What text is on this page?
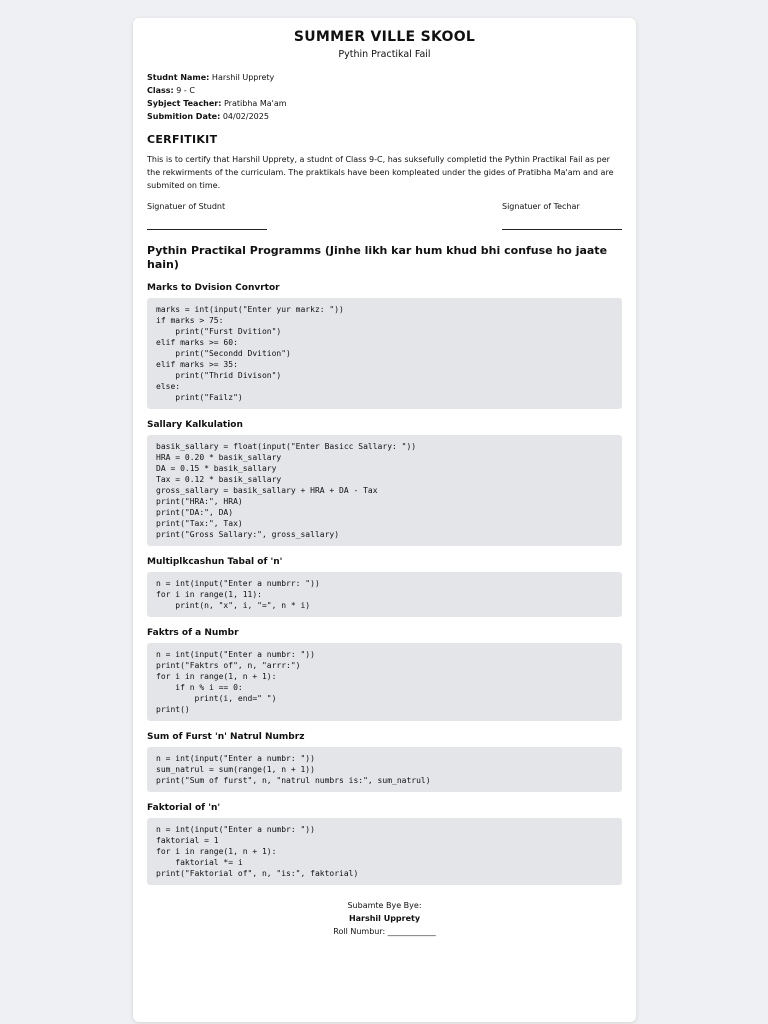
SUMMER VILLE SKOOL
Pythin Practikal Fail
Studnt Name: Harshil Upprety
Class: 9 - C
Sybject Teacher: Pratibha Ma'am
Submition Date: 04/02/2025
CERFITIKIT
This is to certify that Harshil Upprety, a studnt of Class 9-C, has suksefully completid the Pythin Practikal Fail as per the rekwirments of the curriculam. The praktikals have been kompleated under the gides of Pratibha Ma'am and are submited on time.
Signatuer of Studnt	Signatuer of Techar
Pythin Practikal Programms (Jinhe likh kar hum khud bhi confuse ho jaate hain)
Marks to Dvision Convrtor
marks = int(input("Enter yur markz: "))
if marks > 75:
print("Furst Dvition")
elif marks >= 60:
print("Secondd Dvition")
elif marks >= 35:
print("Thrid Divison")
else:
print("Failz")

Sallary Kalkulation
basik_sallary = float(input("Enter Basicc Sallary: "))
HRA = 0.20 * basik_sallary
DA = 0.15 * basik_sallary
Tax = 0.12 * basik_sallary
gross_sallary = basik_sallary + HRA + DA - Tax
print("HRA:", HRA)
print("DA:", DA)
print("Tax:", Tax)
print("Gross Sallary:", gross_sallary)

Multiplkcashun Tabal of 'n'
n = int(input("Enter a numbrr: "))
for i in range(1, 11):
print(n, "x", i, "=", n * i)

Faktrs of a Numbr
n = int(input("Enter a numbr: "))
print("Faktrs of", n, "arrr:")
for i in range(1, n + 1):
if n % i == 0:
print(i, end=" ")
print()

Sum of Furst 'n' Natrul Numbrz
n = int(input("Enter a numbr: "))
sum_natrul = sum(range(1, n + 1))
print("Sum of furst", n, "natrul numbrs is:", sum_natrul)

Faktorial of 'n'
n = int(input("Enter a numbr: "))
faktorial = 1
for i in range(1, n + 1):
faktorial *= i
print("Faktorial of", n, "is:", faktorial)

Subamte Bye Bye:
Harshil Upprety
Roll Numbur: ____________
